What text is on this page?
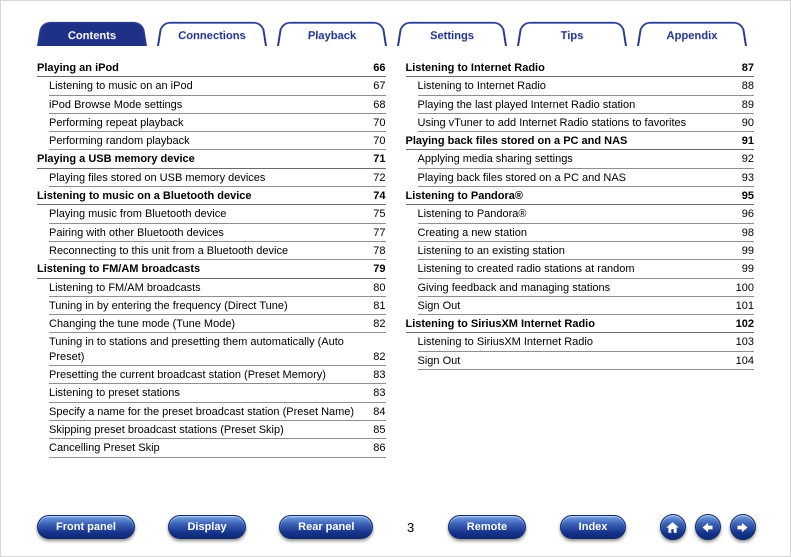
Contents	Connections	Playback	Settings	Tips	Appendix
Playing an iPod	66
Listening to music on an iPod	67
iPod Browse Mode settings	68
Performing repeat playback	70
Performing random playback	70
Playing a USB memory device	71
Playing files stored on USB memory devices	72
Listening to music on a Bluetooth device	74
Playing music from Bluetooth device	75
Pairing with other Bluetooth devices	77
Reconnecting to this unit from a Bluetooth device	78
Listening to FM/AM broadcasts	79
Listening to FM/AM broadcasts	80
Tuning in by entering the frequency (Direct Tune)	81
Changing the tune mode (Tune Mode)	82
Tuning in to stations and presetting them automatically (Auto Preset)	82
Presetting the current broadcast station (Preset Memory)	83
Listening to preset stations	83
Specify a name for the preset broadcast station (Preset Name)	84
Skipping preset broadcast stations (Preset Skip)	85
Cancelling Preset Skip	86
Listening to Internet Radio	87
Listening to Internet Radio	88
Playing the last played Internet Radio station	89
Using vTuner to add Internet Radio stations to favorites	90
Playing back files stored on a PC and NAS	91
Applying media sharing settings	92
Playing back files stored on a PC and NAS	93
Listening to Pandora®	95
Listening to Pandora®	96
Creating a new station	98
Listening to an existing station	99
Listening to created radio stations at random	99
Giving feedback and managing stations	100
Sign Out	101
Listening to SiriusXM Internet Radio	102
Listening to SiriusXM Internet Radio	103
Sign Out	104
Front panel	Display	Rear panel	3	Remote	Index
